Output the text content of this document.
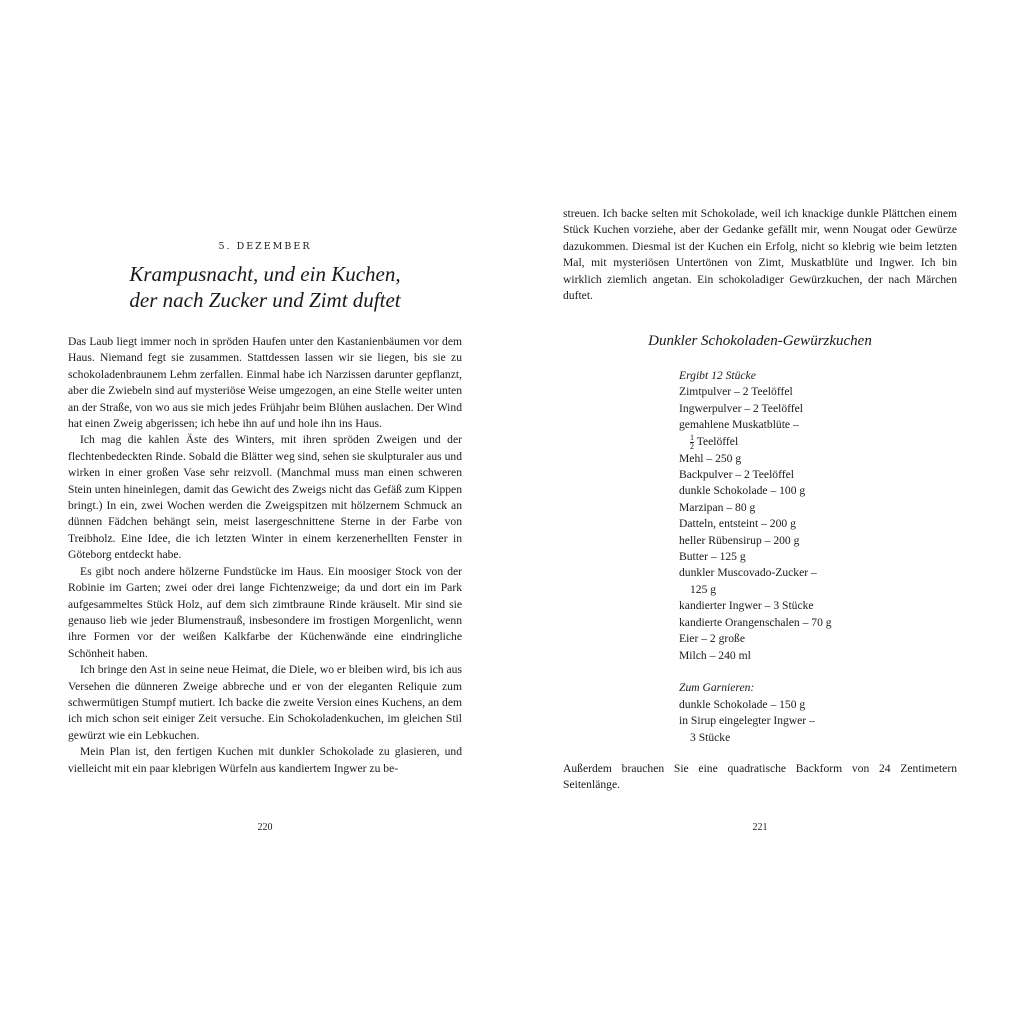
5. DEZEMBER
Krampusnacht, und ein Kuchen,
der nach Zucker und Zimt duftet

Das Laub liegt immer noch in spröden Haufen unter den Kastanienbäumen vor dem Haus. Niemand fegt sie zusammen. Stattdessen lassen wir sie liegen, bis sie zu schokoladenbraunem Lehm zerfallen. Einmal habe ich Narzissen darunter gepflanzt, aber die Zwiebeln sind auf mysteriöse Weise umgezogen, an eine Stelle weiter unten an der Straße, von wo aus sie mich jedes Frühjahr beim Blühen auslachen. Der Wind hat einen Zweig abgerissen; ich hebe ihn auf und hole ihn ins Haus.

Ich mag die kahlen Äste des Winters, mit ihren spröden Zweigen und der flechtenbedeckten Rinde. Sobald die Blätter weg sind, sehen sie skulpturaler aus und wirken in einer großen Vase sehr reizvoll. (Manchmal muss man einen schweren Stein unten hineinlegen, damit das Gewicht des Zweigs nicht das Gefäß zum Kippen bringt.) In ein, zwei Wochen werden die Zweigspitzen mit hölzernem Schmuck an dünnen Fädchen behängt sein, meist lasergeschnittene Sterne in der Farbe von Treibholz. Eine Idee, die ich letzten Winter in einem kerzenerhellten Fenster in Göteborg entdeckt habe.

Es gibt noch andere hölzerne Fundstücke im Haus. Ein moosiger Stock von der Robinie im Garten; zwei oder drei lange Fichtenzweige; da und dort ein im Park aufgesammeltes Stück Holz, auf dem sich zimtbraune Rinde kräuselt. Mir sind sie genauso lieb wie jeder Blumenstrauß, insbesondere im frostigen Morgenlicht, wenn ihre Formen vor der weißen Kalkfarbe der Küchenwände eine eindringliche Schönheit haben.

Ich bringe den Ast in seine neue Heimat, die Diele, wo er bleiben wird, bis ich aus Versehen die dünneren Zweige abbreche und er von der eleganten Reliquie zum schwermütigen Stumpf mutiert. Ich backe die zweite Version eines Kuchens, an dem ich mich schon seit einiger Zeit versuche. Ein Schokoladenkuchen, im gleichen Stil gewürzt wie ein Lebkuchen.

Mein Plan ist, den fertigen Kuchen mit dunkler Schokolade zu glasieren, und vielleicht mit ein paar klebrigen Würfeln aus kandiertem Ingwer zu be-

220
streuen. Ich backe selten mit Schokolade, weil ich knackige dunkle Plättchen einem Stück Kuchen vorziehe, aber der Gedanke gefällt mir, wenn Nougat oder Gewürze dazukommen. Diesmal ist der Kuchen ein Erfolg, nicht so klebrig wie beim letzten Mal, mit mysteriösen Untertönen von Zimt, Muskatblüte und Ingwer. Ich bin wirklich ziemlich angetan. Ein schokoladiger Gewürzkuchen, der nach Märchen duftet.
Dunkler Schokoladen-Gewürzkuchen
Ergibt 12 Stücke
Zimtpulver – 2 Teelöffel
Ingwerpulver – 2 Teelöffel
gemahlene Muskatblüte –
$\frac{1}{2}$ Teelöffel
Mehl – 250 g
Backpulver – 2 Teelöffel
dunkle Schokolade – 100 g
Marzipan – 80 g
Datteln, entsteint – 200 g
heller Rübensirup – 200 g
Butter – 125 g
dunkler Muscovado-Zucker –
125 g
kandierter Ingwer – 3 Stücke
kandierte Orangenschalen – 70 g
Eier – 2 große
Milch – 240 ml
Zum Garnieren:
dunkle Schokolade – 150 g
in Sirup eingelegter Ingwer –
3 Stücke
Außerdem brauchen Sie eine quadratische Backform von 24 Zentimetern Seitenlänge.
221
